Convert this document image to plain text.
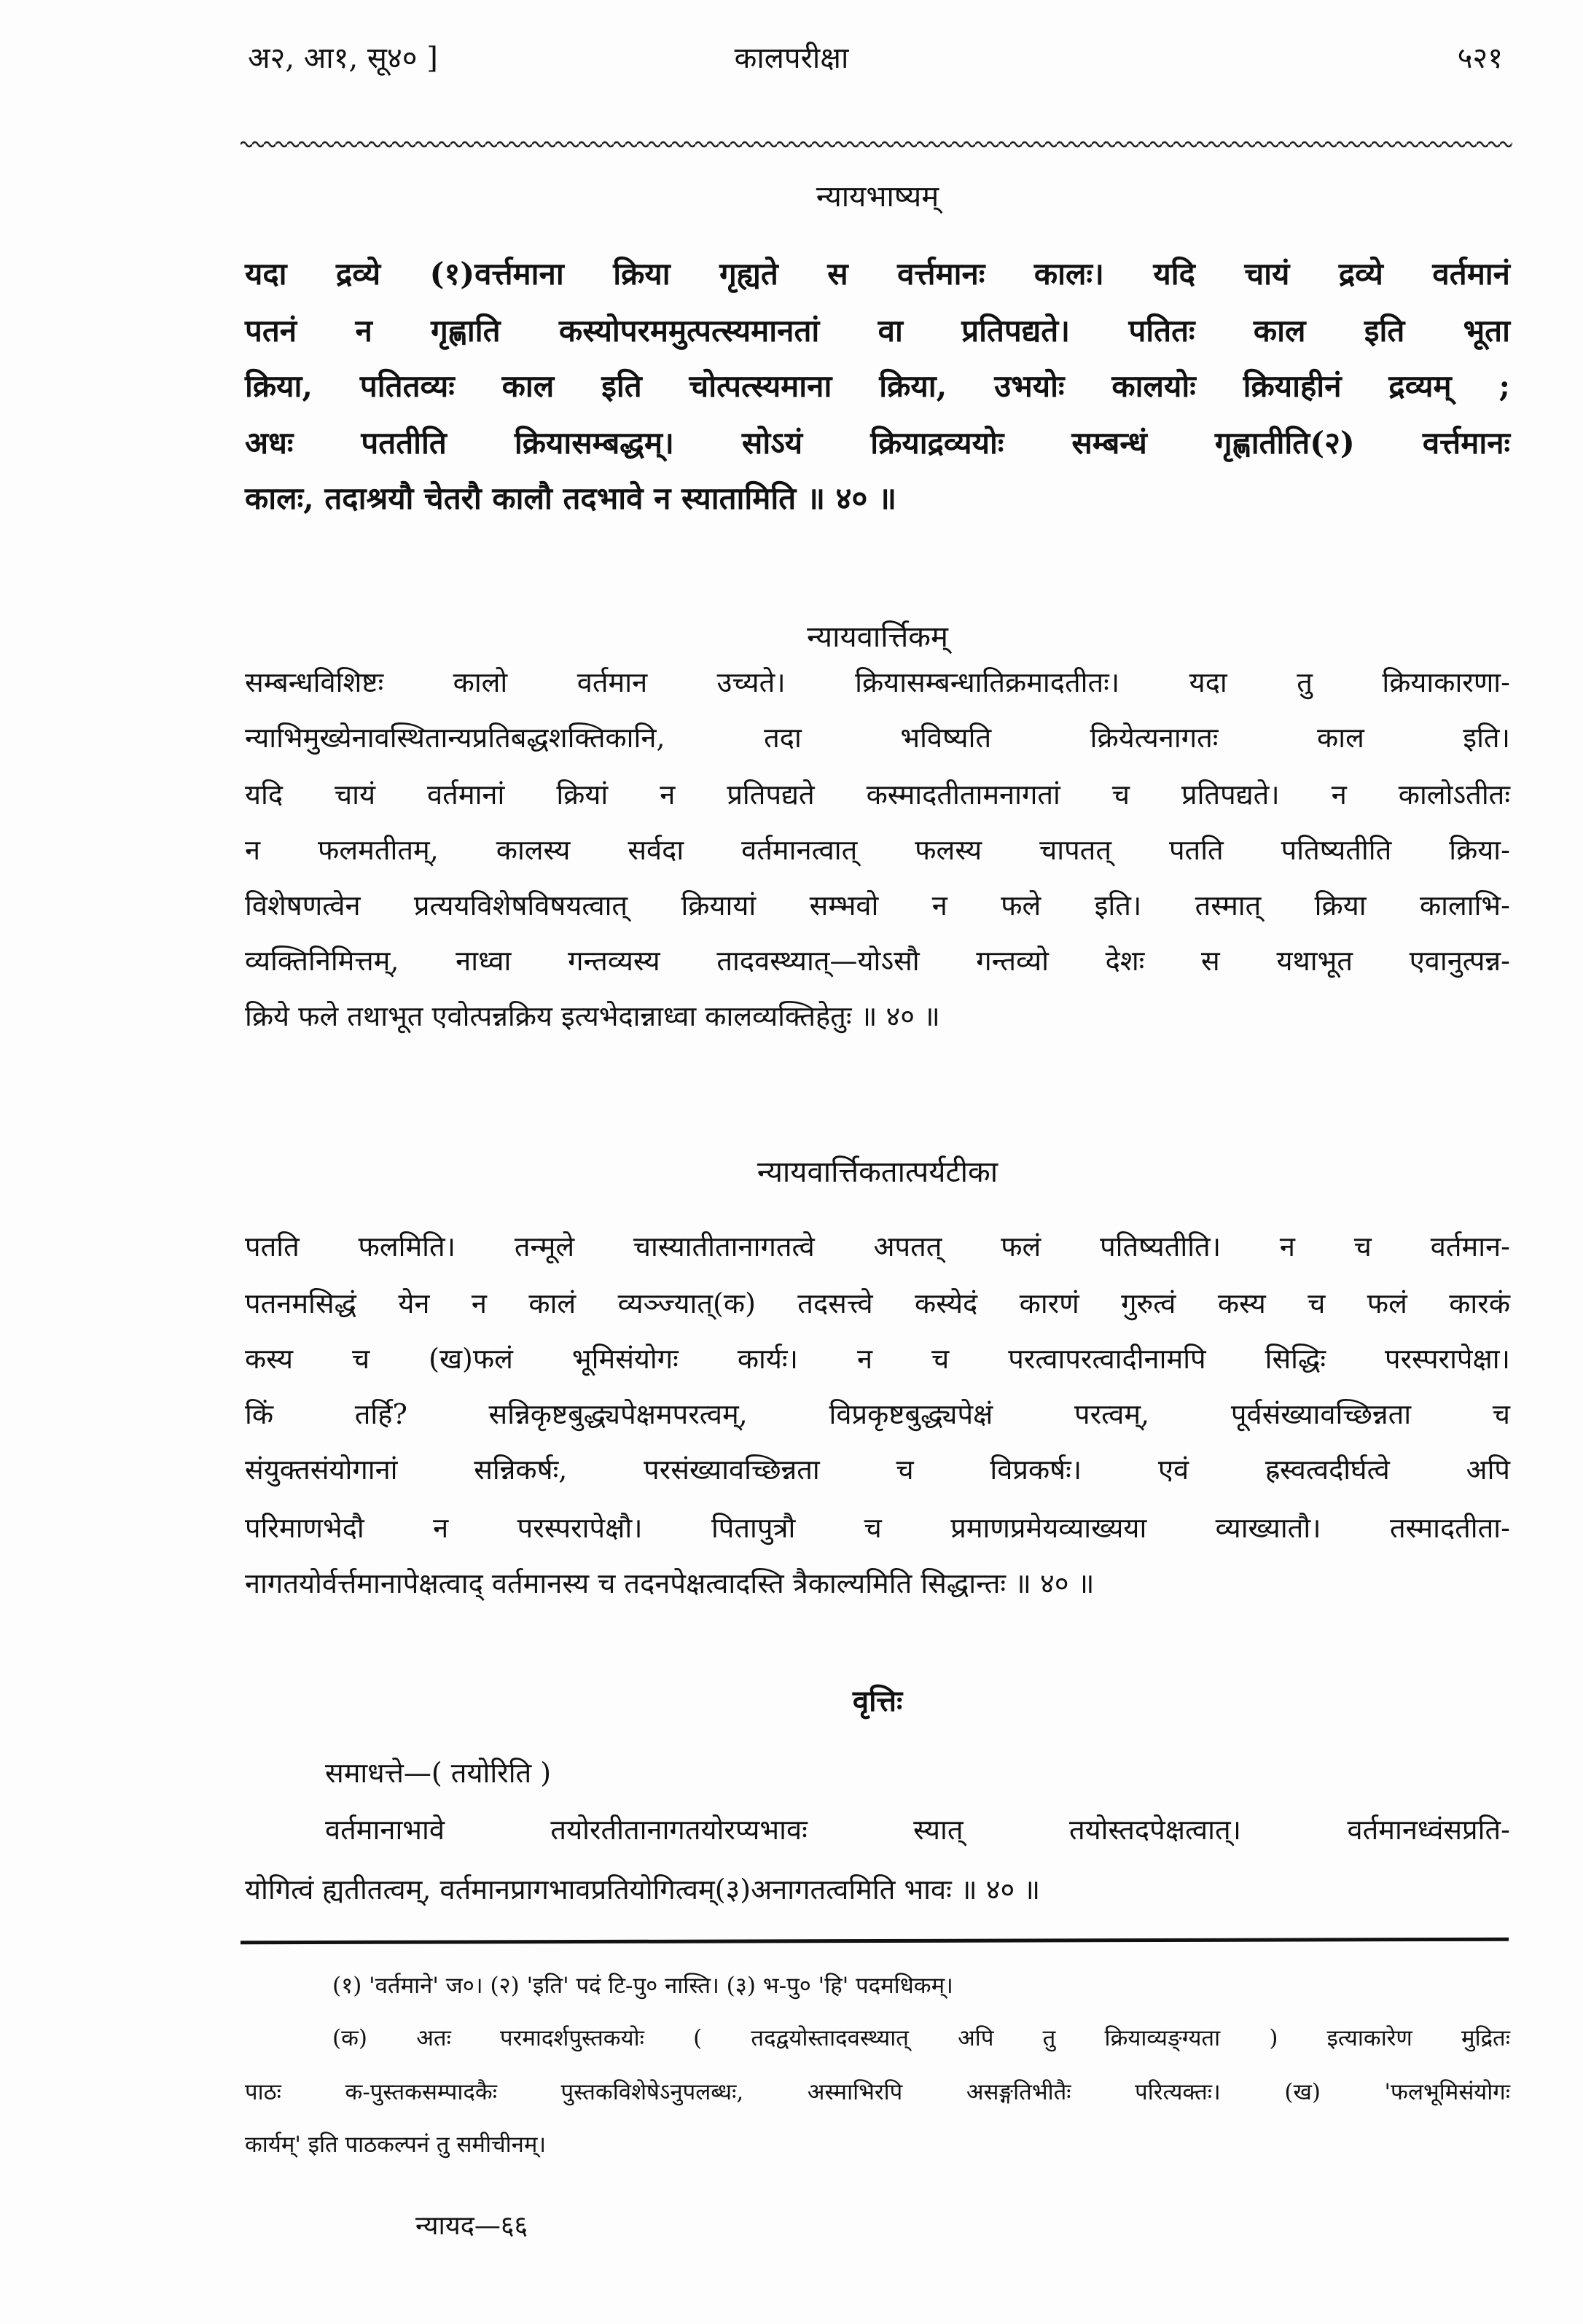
अ२, आ१, सू४० ]	कालपरीक्षा	५२१
न्यायभाष्यम्
यदा द्रव्ये (१)वर्त्तमाना क्रिया गृह्यते स वर्त्तमानः कालः। यदि चायं द्रव्ये वर्तमानं
पतनं न गृह्णाति कस्योपरममुत्पत्स्यमानतां वा प्रतिपद्यते। पतितः काल इति भूता
क्रिया, पतितव्यः काल इति चोत्पत्स्यमाना क्रिया, उभयोः कालयोः क्रियाहीनं द्रव्यम् ;
अधः पततीति क्रियासम्बद्धम्। सोऽयं क्रियाद्रव्ययोः सम्बन्धं गृह्णातीति(२) वर्त्तमानः
कालः, तदाश्रयौ चेतरौ कालौ तदभावे न स्यातामिति ॥ ४० ॥
न्यायवार्त्तिकम्
सम्बन्धविशिष्टः कालो वर्तमान उच्यते। क्रियासम्बन्धातिक्रमादतीतः। यदा तु क्रियाकारणा-
न्याभिमुख्येनावस्थितान्यप्रतिबद्धशक्तिकानि, तदा भविष्यति क्रियेत्यनागतः काल इति।
यदि चायं वर्तमानां क्रियां न प्रतिपद्यते कस्मादतीतामनागतां च प्रतिपद्यते। न कालोऽतीतः
न फलमतीतम्, कालस्य सर्वदा वर्तमानत्वात् फलस्य चापतत् पतति पतिष्यतीति क्रिया-
विशेषणत्वेन प्रत्ययविशेषविषयत्वात् क्रियायां सम्भवो न फले इति। तस्मात् क्रिया कालाभि-
व्यक्तिनिमित्तम्, नाध्वा गन्तव्यस्य तादवस्थ्यात्—योऽसौ गन्तव्यो देशः स यथाभूत एवानुत्पन्न-
क्रिये फले तथाभूत एवोत्पन्नक्रिय इत्यभेदान्नाध्वा कालव्यक्तिहेतुः ॥ ४० ॥
न्यायवार्त्तिकतात्पर्यटीका
पतति फलमिति। तन्मूले चास्यातीतानागतत्वे अपतत् फलं पतिष्यतीति। न च वर्तमान-
पतनमसिद्धं येन न कालं व्यञ्ज्यात्(क) तदसत्त्वे कस्येदं कारणं गुरुत्वं कस्य च फलं कारकं
कस्य च (ख)फलं भूमिसंयोगः कार्यः। न च परत्वापरत्वादीनामपि सिद्धिः परस्परापेक्षा।
किं तर्हि? सन्निकृष्टबुद्ध्यपेक्षमपरत्वम्, विप्रकृष्टबुद्ध्यपेक्षं परत्वम्, पूर्वसंख्यावच्छिन्नता च
संयुक्तसंयोगानां सन्निकर्षः, परसंख्यावच्छिन्नता च विप्रकर्षः। एवं ह्रस्वत्वदीर्घत्वे अपि
परिमाणभेदौ न परस्परापेक्षौ। पितापुत्रौ च प्रमाणप्रमेयव्याख्यया व्याख्यातौ। तस्मादतीता-
नागतयोर्वर्त्तमानापेक्षत्वाद् वर्तमानस्य च तदनपेक्षत्वादस्ति त्रैकाल्यमिति सिद्धान्तः ॥ ४० ॥
वृत्तिः
समाधत्ते—( तयोरिति )
वर्तमानाभावे तयोरतीतानागतयोरप्यभावः स्यात् तयोस्तदपेक्षत्वात्। वर्तमानध्वंसप्रति-
योगित्वं ह्यतीतत्वम्, वर्तमानप्रागभावप्रतियोगित्वम्(३)अनागतत्वमिति भावः ॥ ४० ॥
(१) 'वर्तमाने' ज०। (२) 'इति' पदं टि-पु० नास्ति। (३) भ-पु० 'हि' पदमधिकम्।
(क) अतः परमादर्शपुस्तकयोः ( तदद्वयोस्तादवस्थ्यात् अपि तु क्रियाव्यङ्ग्यता ) इत्याकारेण मुद्रितः
पाठः क-पुस्तकसम्पादकैः पुस्तकविशेषेऽनुपलब्धः, अस्माभिरपि असङ्गतिभीतैः परित्यक्तः। (ख) 'फलभूमिसंयोगः
कार्यम्' इति पाठकल्पनं तु समीचीनम्।
न्यायद—६६
